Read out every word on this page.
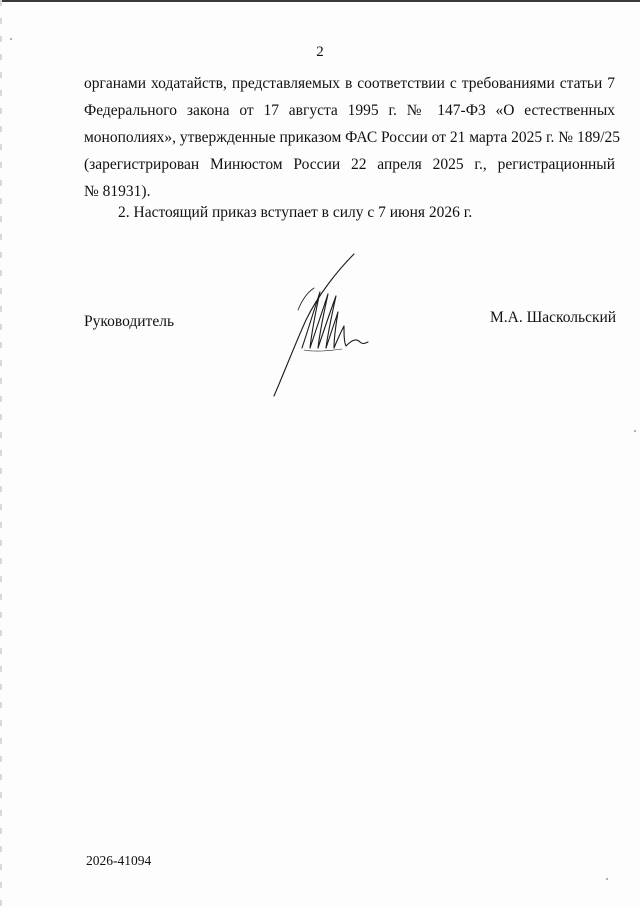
2
органами ходатайств, представляемых в соответствии с требованиями статьи 7
Федерального закона от 17 августа 1995 г. № 147-ФЗ «О естественных
монополиях», утвержденные приказом ФАС России от 21 марта 2025 г. № 189/25
(зарегистрирован Минюстом России 22 апреля 2025 г., регистрационный
№ 81931).
2. Настоящий приказ вступает в силу с 7 июня 2026 г.
Руководитель	М.А. Шаскольский
2026-41094
